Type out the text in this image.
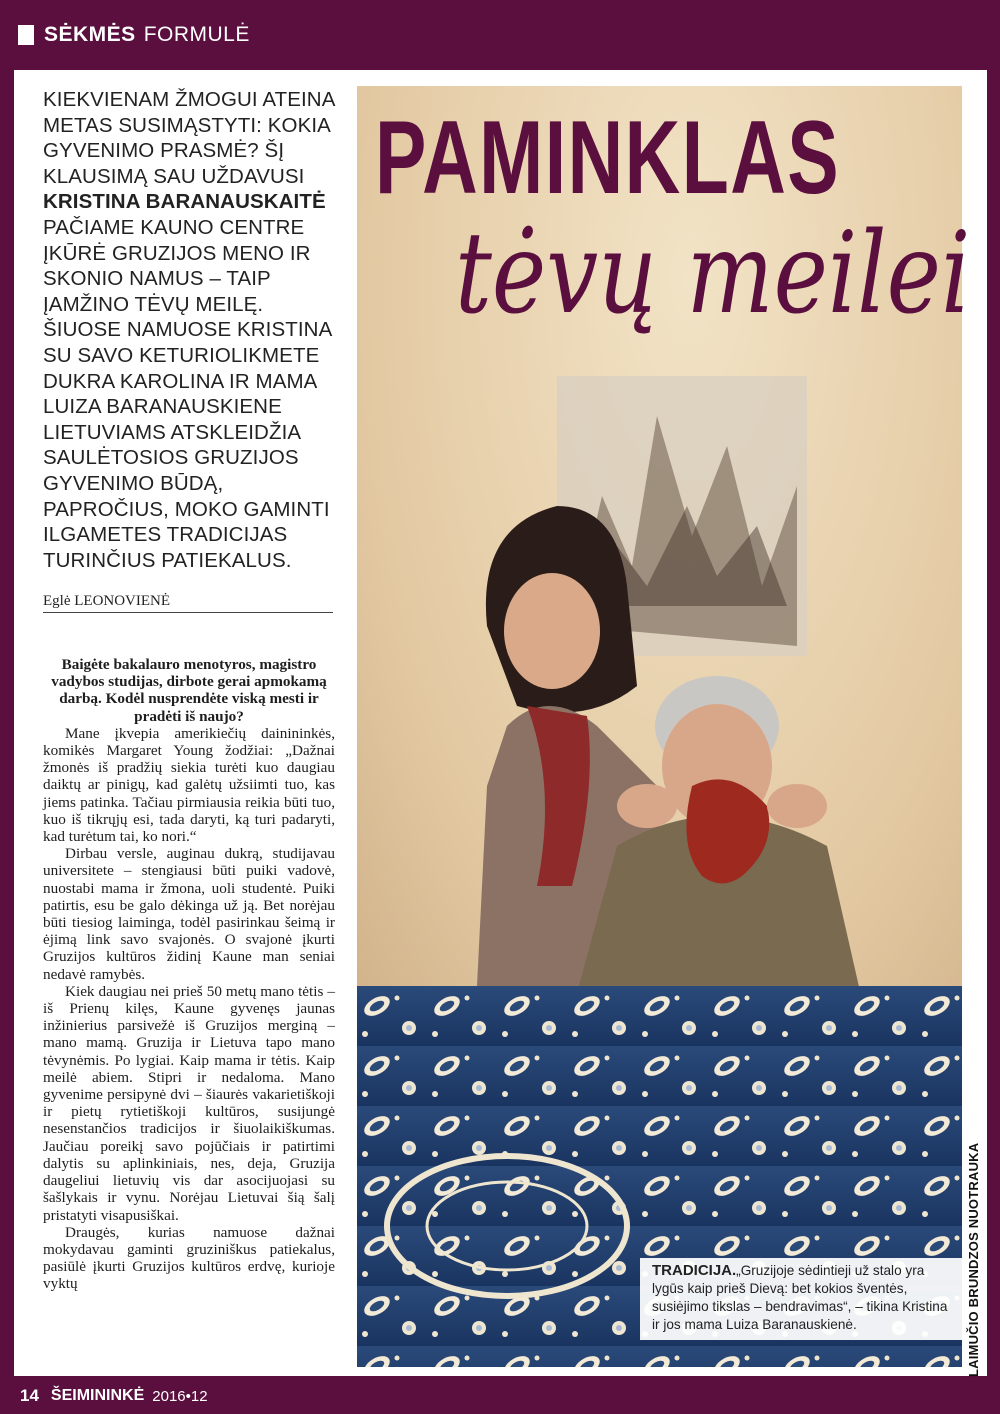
SĖKMĖS FORMULĖ
KIEKVIENAM ŽMOGUI ATEINA METAS SUSIMĄSTYTI: KOKIA GYVENIMO PRASMĖ? ŠĮ KLAUSIMĄ SAU UŽDAVUSI KRISTINA BARANAUSKAITĖ PAČIAME KAUNO CENTRE ĮKŪRĖ GRUZIJOS MENO IR SKONIO NAMUS – TAIP ĮAMŽINO TĖVŲ MEILĘ. ŠIUOSE NAMUOSE KRISTINA SU SAVO KETURIOLIKMETE DUKRA KAROLINA IR MAMA LUIZA BARANAUSKIENE LIETUVIAMS ATSKLEIDŽIA SAULĖTOSIOS GRUZIJOS GYVENIMO BŪDĄ, PAPROČIUS, MOKO GAMINTI ILGAMETES TRADICIJAS TURINČIUS PATIEKALUS.
Eglė LEONOVIENĖ

Baigėte bakalauro menotyros, magistro vadybos studijas, dirbote gerai apmokamą darbą. Kodėl nusprendėte viską mesti ir pradėti iš naujo?

Mane įkvepia amerikiečių dainininkės, komikės Margaret Young žodžiai: „Dažnai žmonės iš pradžių siekia turėti kuo daugiau daiktų ar pinigų, kad galėtų užsiimti tuo, kas jiems patinka. Tačiau pirmiausia reikia būti tuo, kuo iš tikrųjų esi, tada daryti, ką turi padaryti, kad turėtum tai, ko nori.“

Dirbau versle, auginau dukrą, studijavau universitete – stengiausi būti puiki vadovė, nuostabi mama ir žmona, uoli studentė. Puiki patirtis, esu be galo dėkinga už ją. Bet norėjau būti tiesiog laiminga, todėl pasirinkau šeimą ir ėjimą link savo svajonės. O svajonė įkurti Gruzijos kultūros židinį Kaune man seniai nedavė ramybės.

Kiek daugiau nei prieš 50 metų mano tėtis – iš Prienų kilęs, Kaune gyvenęs jaunas inžinierius parsivežė iš Gruzijos merginą – mano mamą. Gruzija ir Lietuva tapo mano tėvynėmis. Po lygiai. Kaip mama ir tėtis. Kaip meilė abiem. Stipri ir nedaloma. Mano gyvenime persipynė dvi – šiaurės vakarietiškoji ir pietų rytietiškoji kultūros, susijungė nesenstančios tradicijos ir šiuolaikiškumas. Jaučiau poreikį savo pojūčiais ir patirtimi dalytis su aplinkiniais, nes, deja, Gruzija daugeliui lietuvių vis dar asocijuojasi su šašlykais ir vynu. Norėjau Lietuvai šią šalį pristatyti visapusiškai.

Draugės, kurias namuose dažnai mokydavau gaminti gruziniškus patiekalus, pasiūlė įkurti Gruzijos kultūros erdvę, kurioje vyktų

PAMINKLAS
tėvų meilei
TRADICIJA.„Gruzijoje sėdintieji už stalo yra lygūs kaip prieš Dievą: bet kokios šventės, susiėjimo tikslas – bendravimas“, – tikina Kristina ir jos mama Luiza Baranauskienė.	LAIMUČIO BRUNDZOS NUOTRAUKA
14 ŠEIMININKĖ 2016•12
